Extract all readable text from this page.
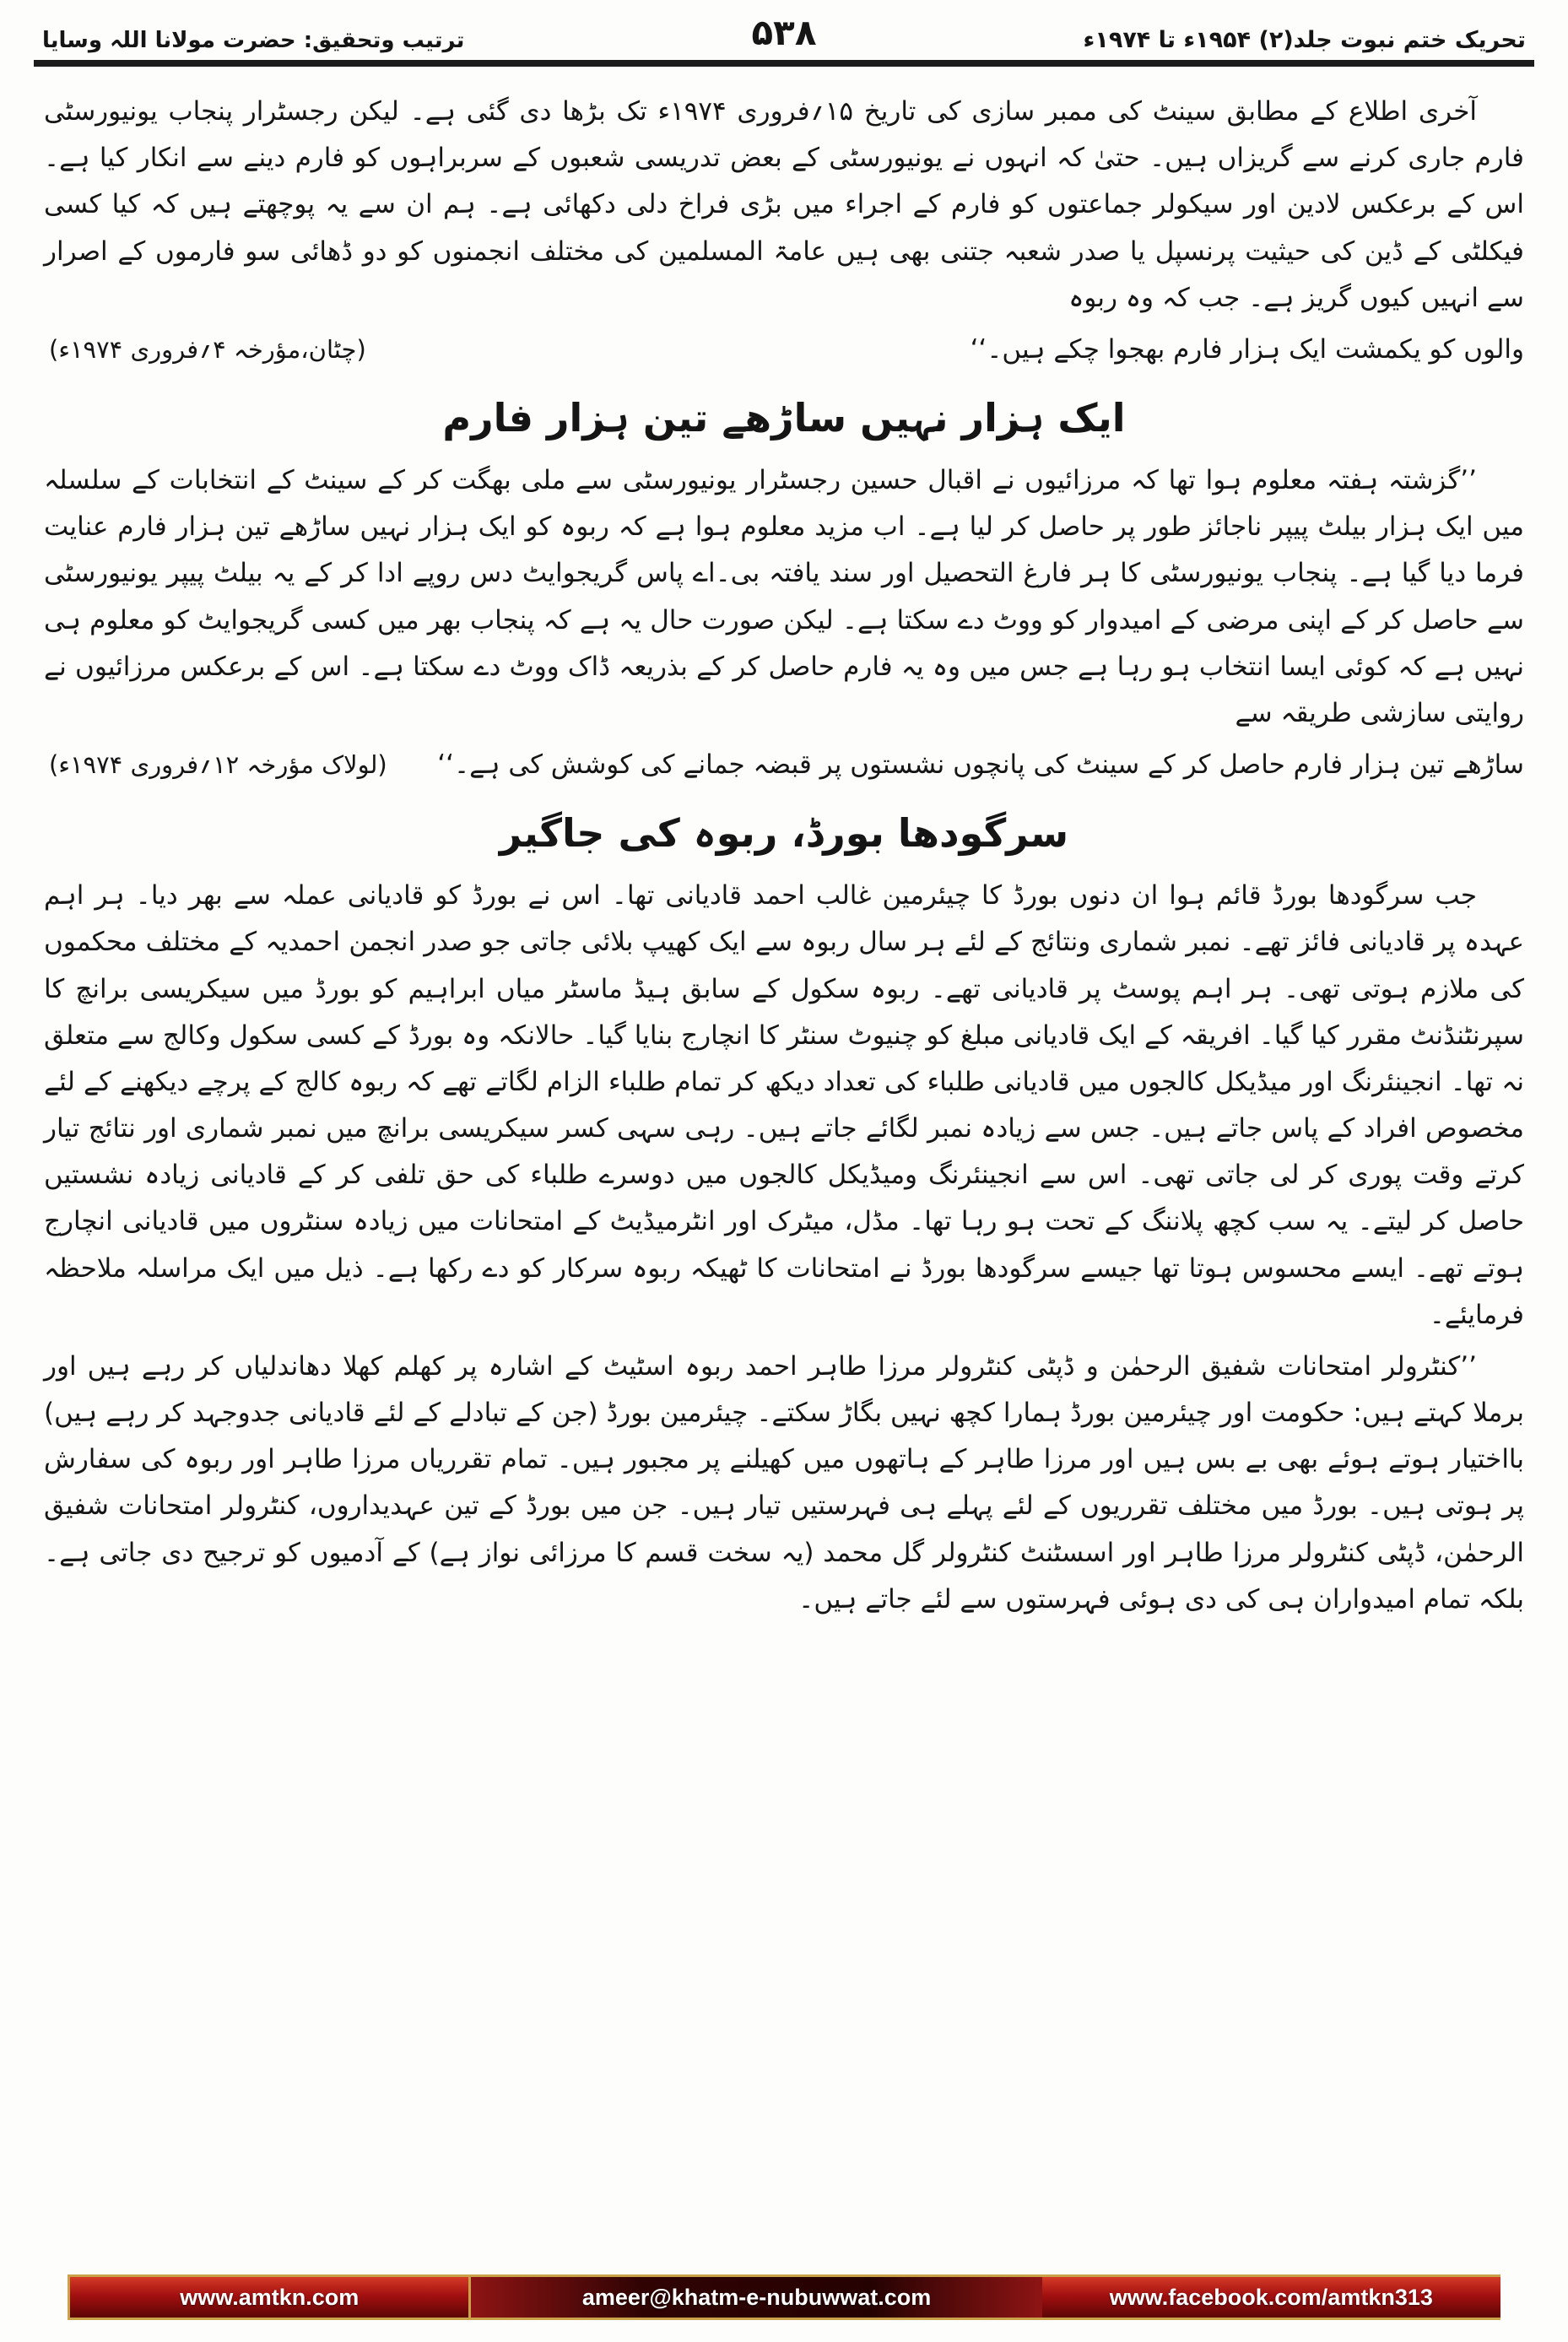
تحریک ختم نبوت جلد(۲) ۱۹۵۴ء تا ۱۹۷۴ء
۵۳۸
ترتیب وتحقیق: حضرت مولانا اللہ وسایا

آخری اطلاع کے مطابق سینٹ کی ممبر سازی کی تاریخ ۱۵؍فروری ۱۹۷۴ء تک بڑھا دی گئی ہے۔ لیکن رجسٹرار پنجاب یونیورسٹی فارم جاری کرنے سے گریزاں ہیں۔ حتیٰ کہ انہوں نے یونیورسٹی کے بعض تدریسی شعبوں کے سربراہوں کو فارم دینے سے انکار کیا ہے۔ اس کے برعکس لادین اور سیکولر جماعتوں کو فارم کے اجراء میں بڑی فراخ دلی دکھائی ہے۔ ہم ان سے یہ پوچھتے ہیں کہ کیا کسی فیکلٹی کے ڈین کی حیثیت پرنسپل یا صدر شعبہ جتنی بھی ہیں عامۃ المسلمین کی مختلف انجمنوں کو دو ڈھائی سو فارموں کے اصرار سے انہیں کیوں گریز ہے۔ جب کہ وہ ربوہ

والوں کو یکمشت ایک ہزار فارم بھجوا چکے ہیں۔‘‘
(چٹان،مؤرخہ ۴؍فروری ۱۹۷۴ء)
ایک ہزار نہیں ساڑھے تین ہزار فارم

’’گزشتہ ہفتہ معلوم ہوا تھا کہ مرزائیوں نے اقبال حسین رجسٹرار یونیورسٹی سے ملی بھگت کر کے سینٹ کے انتخابات کے سلسلہ میں ایک ہزار بیلٹ پیپر ناجائز طور پر حاصل کر لیا ہے۔ اب مزید معلوم ہوا ہے کہ ربوہ کو ایک ہزار نہیں ساڑھے تین ہزار فارم عنایت فرما دیا گیا ہے۔ پنجاب یونیورسٹی کا ہر فارغ التحصیل اور سند یافتہ بی۔اے پاس گریجوایٹ دس روپے ادا کر کے یہ بیلٹ پیپر یونیورسٹی سے حاصل کر کے اپنی مرضی کے امیدوار کو ووٹ دے سکتا ہے۔ لیکن صورت حال یہ ہے کہ پنجاب بھر میں کسی گریجوایٹ کو معلوم ہی نہیں ہے کہ کوئی ایسا انتخاب ہو رہا ہے جس میں وہ یہ فارم حاصل کر کے بذریعہ ڈاک ووٹ دے سکتا ہے۔ اس کے برعکس مرزائیوں نے روایتی سازشی طریقہ سے

ساڑھے تین ہزار فارم حاصل کر کے سینٹ کی پانچوں نشستوں پر قبضہ جمانے کی کوشش کی ہے۔‘‘
(لولاک مؤرخہ ۱۲؍فروری ۱۹۷۴ء)
سرگودھا بورڈ، ربوہ کی جاگیر

جب سرگودھا بورڈ قائم ہوا ان دنوں بورڈ کا چیئرمین غالب احمد قادیانی تھا۔ اس نے بورڈ کو قادیانی عملہ سے بھر دیا۔ ہر اہم عہدہ پر قادیانی فائز تھے۔ نمبر شماری ونتائج کے لئے ہر سال ربوہ سے ایک کھیپ بلائی جاتی جو صدر انجمن احمدیہ کے مختلف محکموں کی ملازم ہوتی تھی۔ ہر اہم پوسٹ پر قادیانی تھے۔ ربوہ سکول کے سابق ہیڈ ماسٹر میاں ابراہیم کو بورڈ میں سیکریسی برانچ کا سپرنٹنڈنٹ مقرر کیا گیا۔ افریقہ کے ایک قادیانی مبلغ کو چنیوٹ سنٹر کا انچارج بنایا گیا۔ حالانکہ وہ بورڈ کے کسی سکول وکالج سے متعلق نہ تھا۔ انجینئرنگ اور میڈیکل کالجوں میں قادیانی طلباء کی تعداد دیکھ کر تمام طلباء الزام لگاتے تھے کہ ربوہ کالج کے پرچے دیکھنے کے لئے مخصوص افراد کے پاس جاتے ہیں۔ جس سے زیادہ نمبر لگائے جاتے ہیں۔ رہی سہی کسر سیکریسی برانچ میں نمبر شماری اور نتائج تیار کرتے وقت پوری کر لی جاتی تھی۔ اس سے انجینئرنگ ومیڈیکل کالجوں میں دوسرے طلباء کی حق تلفی کر کے قادیانی زیادہ نشستیں حاصل کر لیتے۔ یہ سب کچھ پلاننگ کے تحت ہو رہا تھا۔ مڈل، میٹرک اور انٹرمیڈیٹ کے امتحانات میں زیادہ سنٹروں میں قادیانی انچارج ہوتے تھے۔ ایسے محسوس ہوتا تھا جیسے سرگودھا بورڈ نے امتحانات کا ٹھیکہ ربوہ سرکار کو دے رکھا ہے۔ ذیل میں ایک مراسلہ ملاحظہ فرمایئے۔

’’کنٹرولر امتحانات شفیق الرحمٰن و ڈپٹی کنٹرولر مرزا طاہر احمد ربوہ اسٹیٹ کے اشارہ پر کھلم کھلا دھاندلیاں کر رہے ہیں اور برملا کہتے ہیں: حکومت اور چیئرمین بورڈ ہمارا کچھ نہیں بگاڑ سکتے۔ چیئرمین بورڈ (جن کے تبادلے کے لئے قادیانی جدوجہد کر رہے ہیں) بااختیار ہوتے ہوئے بھی بے بس ہیں اور مرزا طاہر کے ہاتھوں میں کھیلنے پر مجبور ہیں۔ تمام تقرریاں مرزا طاہر اور ربوہ کی سفارش پر ہوتی ہیں۔ بورڈ میں مختلف تقرریوں کے لئے پہلے ہی فہرستیں تیار ہیں۔ جن میں بورڈ کے تین عہدیداروں، کنٹرولر امتحانات شفیق الرحمٰن، ڈپٹی کنٹرولر مرزا طاہر اور اسسٹنٹ کنٹرولر گل محمد (یہ سخت قسم کا مرزائی نواز ہے) کے آدمیوں کو ترجیح دی جاتی ہے۔ بلکہ تمام امیدواران ہی کی دی ہوئی فہرستوں سے لئے جاتے ہیں۔

www.facebook.com/amtkn313
ameer@khatm-e-nubuwwat.com
www.amtkn.com
